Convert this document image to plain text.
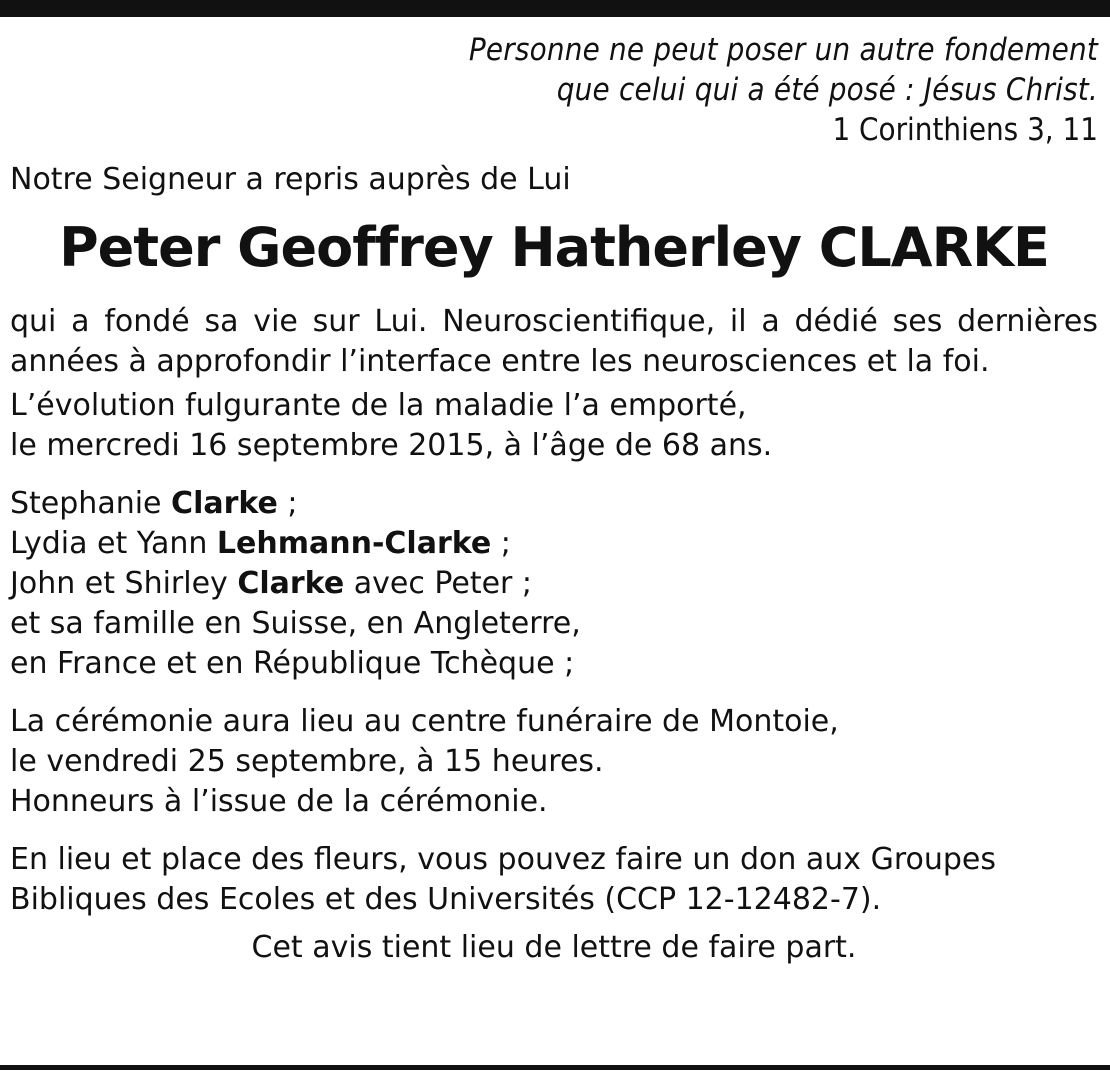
Personne ne peut poser un autre fondement
que celui qui a été posé : Jésus Christ.
1 Corinthiens 3, 11
Notre Seigneur a repris auprès de Lui
Peter Geoffrey Hatherley CLARKE
qui a fondé sa vie sur Lui. Neuroscientifique, il a dédié ses dernières années à approfondir l’interface entre les neurosciences et la foi.
L’évolution fulgurante de la maladie l’a emporté,
le mercredi 16 septembre 2015, à l’âge de 68 ans.
Stephanie Clarke ;
Lydia et Yann Lehmann-Clarke ;
John et Shirley Clarke avec Peter ;
et sa famille en Suisse, en Angleterre,
en France et en République Tchèque ;
La cérémonie aura lieu au centre funéraire de Montoie,
le vendredi 25 septembre, à 15 heures.
Honneurs à l’issue de la cérémonie.
En lieu et place des fleurs, vous pouvez faire un don aux Groupes
Bibliques des Ecoles et des Universités (CCP 12-12482-7).
Cet avis tient lieu de lettre de faire part.
